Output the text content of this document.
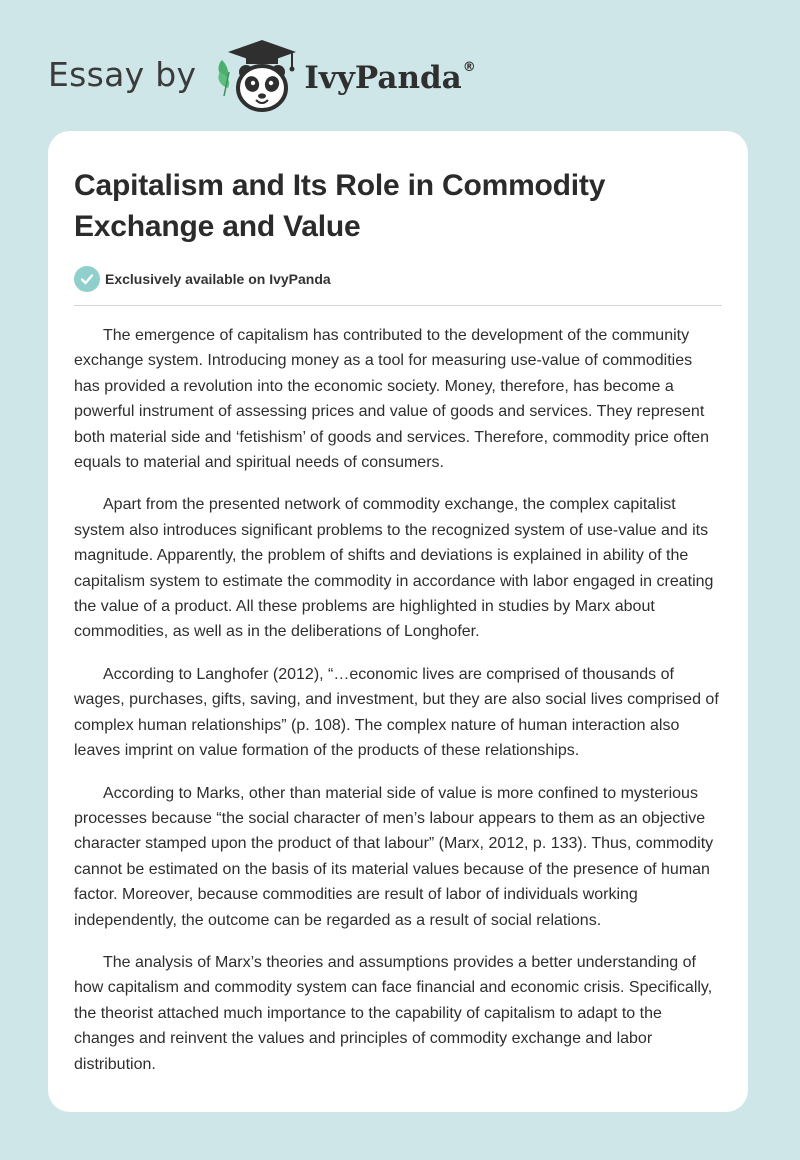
Essay by	IvyPanda®
Capitalism and Its Role in Commodity Exchange and Value
Exclusively available on IvyPanda

The emergence of capitalism has contributed to the development of the community exchange system. Introducing money as a tool for measuring use-value of commodities has provided a revolution into the economic society. Money, therefore, has become a powerful instrument of assessing prices and value of goods and services. They represent both material side and ‘fetishism’ of goods and services. Therefore, commodity price often equals to material and spiritual needs of consumers.

Apart from the presented network of commodity exchange, the complex capitalist system also introduces significant problems to the recognized system of use-value and its magnitude. Apparently, the problem of shifts and deviations is explained in ability of the capitalism system to estimate the commodity in accordance with labor engaged in creating the value of a product. All these problems are highlighted in studies by Marx about commodities, as well as in the deliberations of Longhofer.

According to Langhofer (2012), “…economic lives are comprised of thousands of wages, purchases, gifts, saving, and investment, but they are also social lives comprised of complex human relationships” (p. 108). The complex nature of human interaction also leaves imprint on value formation of the products of these relationships.

According to Marks, other than material side of value is more confined to mysterious processes because “the social character of men’s labour appears to them as an objective character stamped upon the product of that labour” (Marx, 2012, p. 133). Thus, commodity cannot be estimated on the basis of its material values because of the presence of human factor. Moreover, because commodities are result of labor of individuals working independently, the outcome can be regarded as a result of social relations.

The analysis of Marx’s theories and assumptions provides a better understanding of how capitalism and commodity system can face financial and economic crisis. Specifically, the theorist attached much importance to the capability of capitalism to adapt to the changes and reinvent the values and principles of commodity exchange and labor distribution.
